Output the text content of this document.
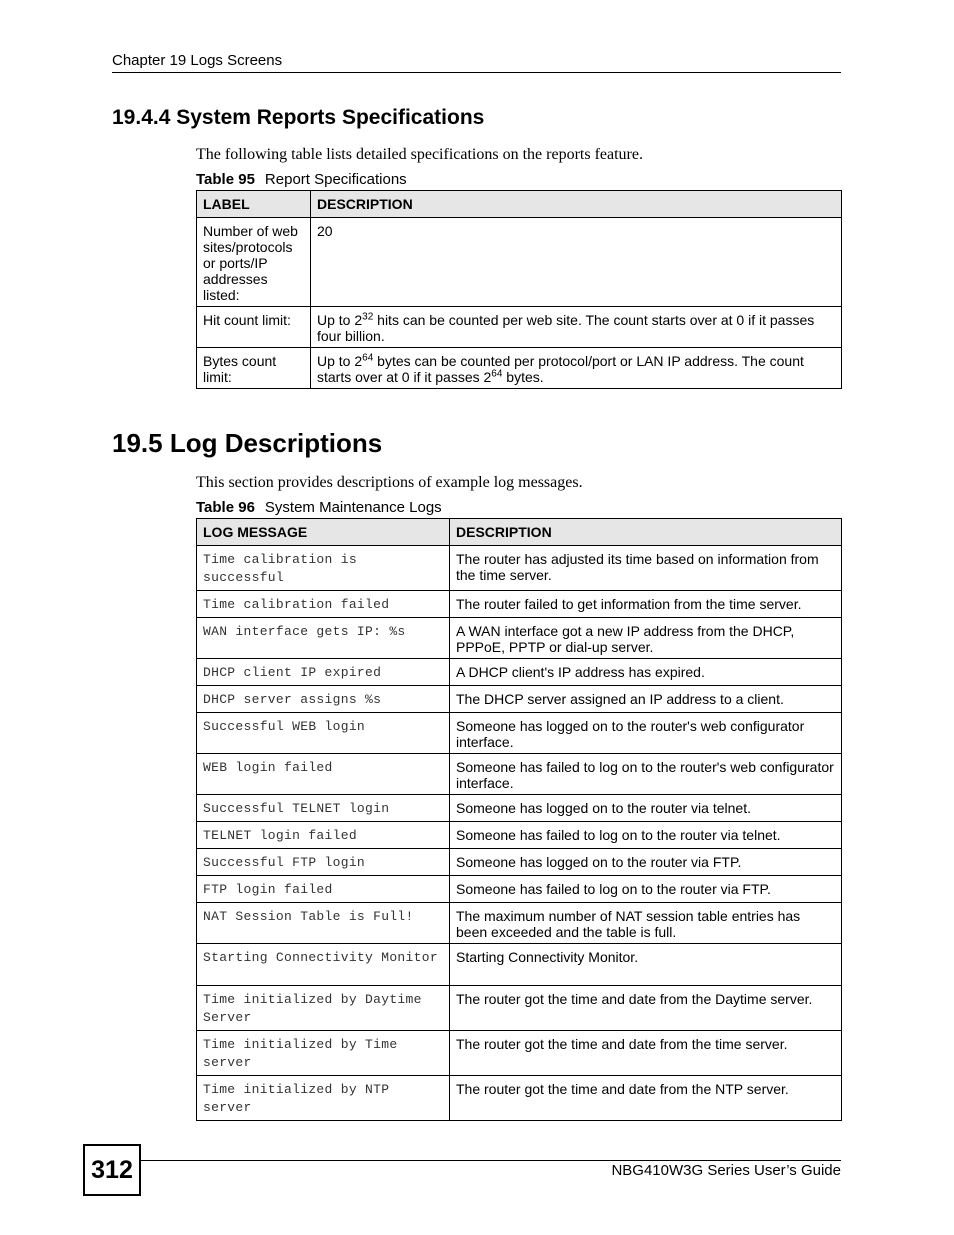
Chapter 19 Logs Screens
19.4.4 System Reports Specifications

The following table lists detailed specifications on the reports feature.

Table 95 Report Specifications

LABEL	DESCRIPTION
Number of web sites/protocols or ports/IP addresses listed:	20
Hit count limit:	Up to $2^{32}$ hits can be counted per web site. The count starts over at 0 if it passes four billion.
Bytes count limit:	Up to $2^{64}$ bytes can be counted per protocol/port or LAN IP address. The count starts over at 0 if it passes $2^{64}$ bytes.
19.5 Log Descriptions

This section provides descriptions of example log messages.

Table 96 System Maintenance Logs

LOG MESSAGE	DESCRIPTION
Time calibration is successful	The router has adjusted its time based on information from the time server.
Time calibration failed	The router failed to get information from the time server.
WAN interface gets IP: %s	A WAN interface got a new IP address from the DHCP, PPPoE, PPTP or dial-up server.
DHCP client IP expired	A DHCP client's IP address has expired.
DHCP server assigns %s	The DHCP server assigned an IP address to a client.
Successful WEB login	Someone has logged on to the router's web configurator interface.
WEB login failed	Someone has failed to log on to the router's web configurator interface.
Successful TELNET login	Someone has logged on to the router via telnet.
TELNET login failed	Someone has failed to log on to the router via telnet.
Successful FTP login	Someone has logged on to the router via FTP.
FTP login failed	Someone has failed to log on to the router via FTP.
NAT Session Table is Full!	The maximum number of NAT session table entries has been exceeded and the table is full.
Starting Connectivity Monitor	Starting Connectivity Monitor.
Time initialized by Daytime Server	The router got the time and date from the Daytime server.
Time initialized by Time server	The router got the time and date from the time server.
Time initialized by NTP server	The router got the time and date from the NTP server.
312	NBG410W3G Series User’s Guide
